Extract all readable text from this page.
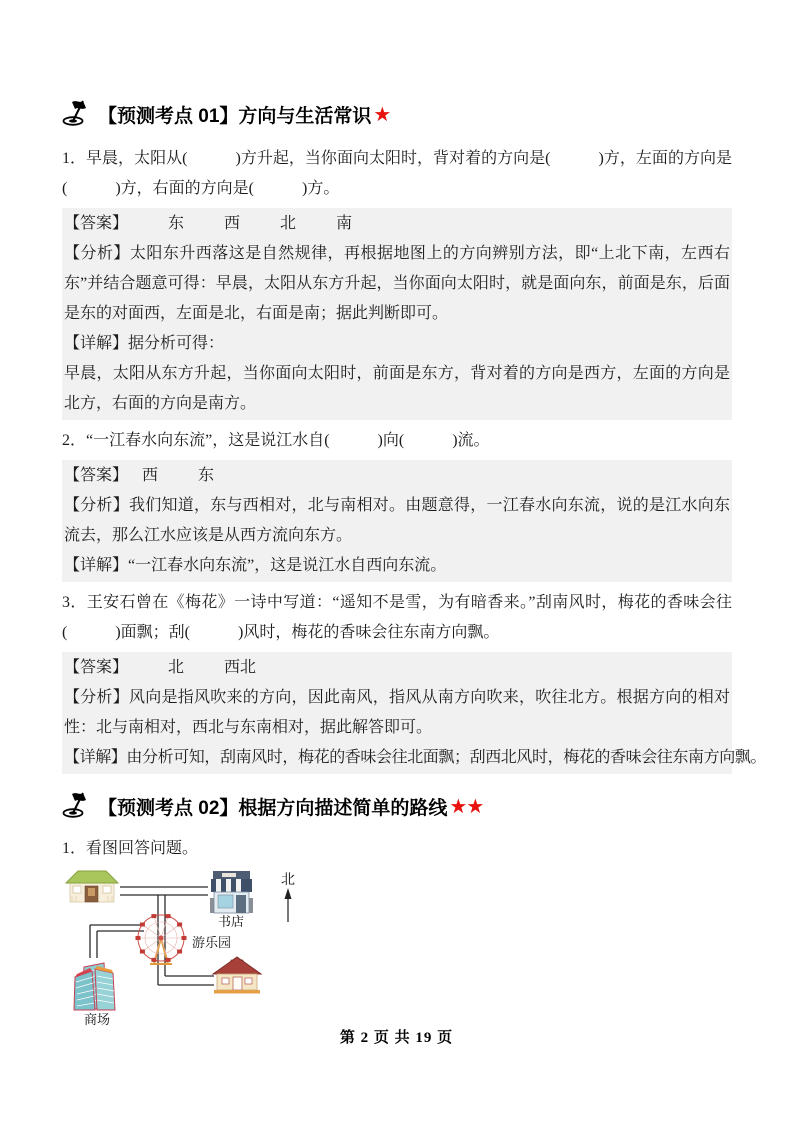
【预测考点 01】方向与生活常识 ★

1．早晨，太阳从(　　　)方升起，当你面向太阳时，背对着的方向是(　　　)方，左面的方向是(　　　)方，右面的方向是(　　　)方。

【答案】	东	西	北	南

【分析】太阳东升西落这是自然规律，再根据地图上的方向辨别方法，即“上北下南，左西右东”并结合题意可得：早晨，太阳从东方升起，当你面向太阳时，就是面向东，前面是东，后面是东的对面西，左面是北，右面是南；据此判断即可。

【详解】据分析可得：

早晨，太阳从东方升起，当你面向太阳时，前面是东方，背对着的方向是西方，左面的方向是北方，右面的方向是南方。

2．“一江春水向东流”，这是说江水自(　　　)向(　　　)流。

【答案】 西	东

【分析】我们知道，东与西相对，北与南相对。由题意得，一江春水向东流，说的是江水向东流去，那么江水应该是从西方流向东方。

【详解】“一江春水向东流”，这是说江水自西向东流。

3．王安石曾在《梅花》一诗中写道：“遥知不是雪，为有暗香来。”刮南风时，梅花的香味会往(　　　)面飘；刮(　　　)风时，梅花的香味会往东南方向飘。

【答案】	北	西北

【分析】风向是指风吹来的方向，因此南风，指风从南方向吹来，吹往北方。根据方向的相对性：北与南相对，西北与东南相对，据此解答即可。

【详解】由分析可知，刮南风时，梅花的香味会往北面飘；刮西北风时，梅花的香味会往东南方向飘。

【预测考点 02】根据方向描述简单的路线 ★★

1．看图回答问题。

书店
游乐园
商场
北
第 2 页 共 19 页
